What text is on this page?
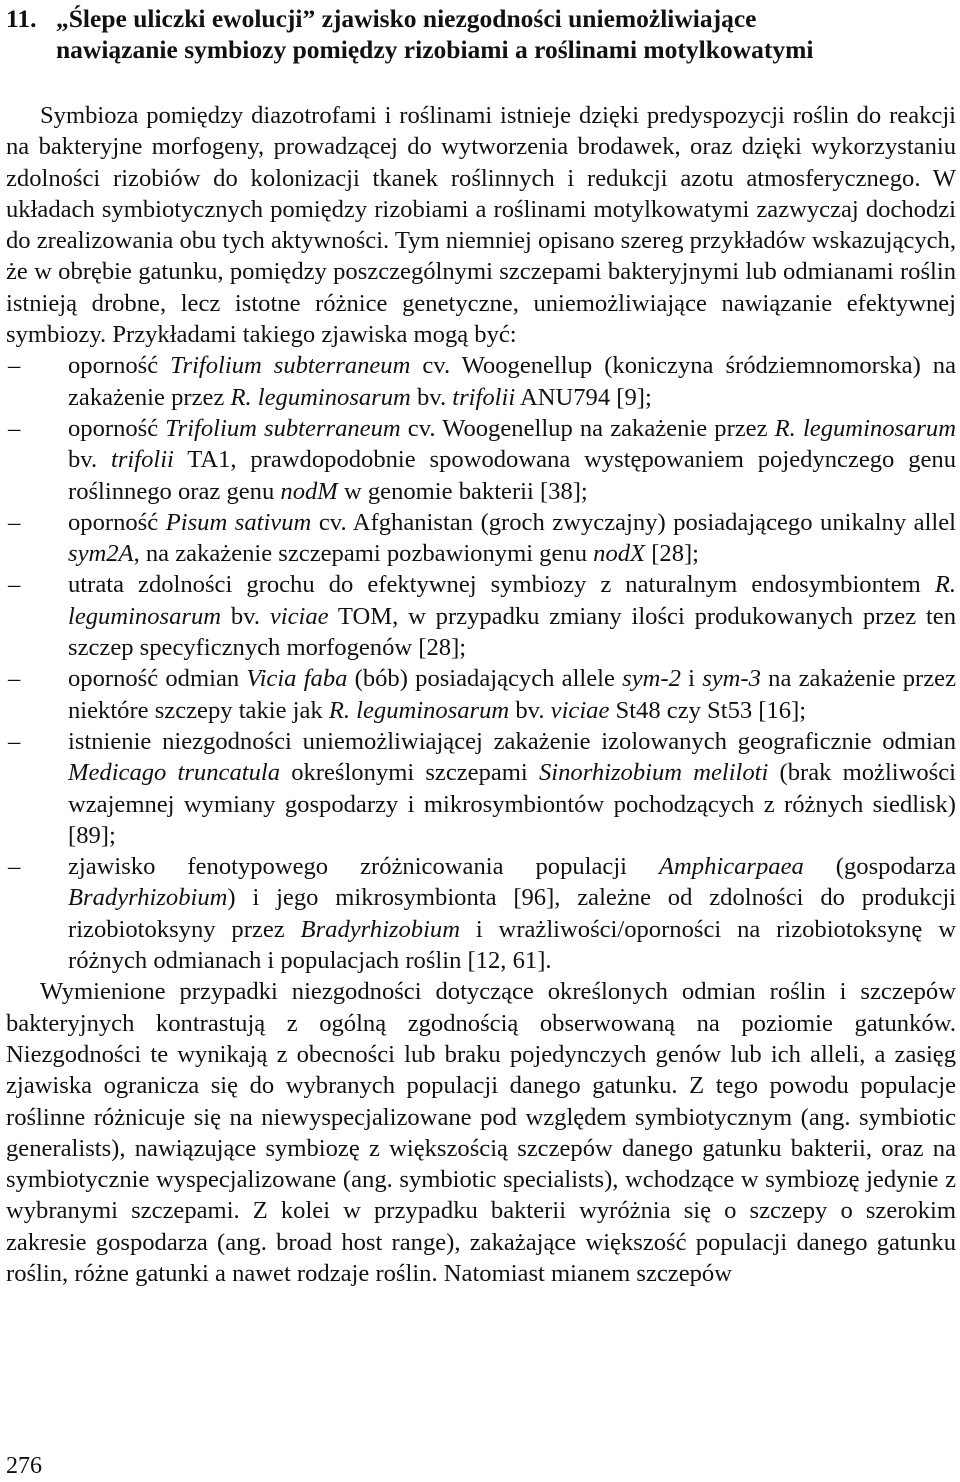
11. „Ślepe uliczki ewolucji” zjawisko niezgodności uniemożliwiające
nawiązanie symbiozy pomiędzy rizobiami a roślinami motylkowatymi

Symbioza pomiędzy diazotrofami i roślinami istnieje dzięki predyspozycji roślin do reakcji na bakteryjne morfogeny, prowadzącej do wytworzenia brodawek, oraz dzięki wykorzystaniu zdolności rizobiów do kolonizacji tkanek roślinnych i redukcji azotu atmosferycznego. W układach symbiotycznych pomiędzy rizobiami a roślinami motylkowatymi zazwyczaj dochodzi do zrealizowania obu tych aktywności. Tym niemniej opisano szereg przykładów wskazujących, że w obrębie gatunku, pomiędzy poszczególnymi szczepami bakteryjnymi lub odmianami roślin istnieją drobne, lecz istotne różnice genetyczne, uniemożliwiające nawiązanie efektywnej symbiozy. Przykładami takiego zjawiska mogą być:

–	oporność Trifolium subterraneum cv. Woogenellup (koniczyna śródziemnomorska) na zakażenie przez R. leguminosarum bv. trifolii ANU794 [9];
–	oporność Trifolium subterraneum cv. Woogenellup na zakażenie przez R. leguminosarum bv. trifolii TA1, prawdopodobnie spowodowana występowaniem pojedynczego genu roślinnego oraz genu nodM w genomie bakterii [38];
–	oporność Pisum sativum cv. Afghanistan (groch zwyczajny) posiadającego unikalny allel sym2A, na zakażenie szczepami pozbawionymi genu nodX [28];
–	utrata zdolności grochu do efektywnej symbiozy z naturalnym endosymbiontem R. leguminosarum bv. viciae TOM, w przypadku zmiany ilości produkowanych przez ten szczep specyficznych morfogenów [28];
–	oporność odmian Vicia faba (bób) posiadających allele sym-2 i sym-3 na zakażenie przez niektóre szczepy takie jak R. leguminosarum bv. viciae St48 czy St53 [16];
–	istnienie niezgodności uniemożliwiającej zakażenie izolowanych geograficznie odmian Medicago truncatula określonymi szczepami Sinorhizobium meliloti (brak możliwości wzajemnej wymiany gospodarzy i mikrosymbiontów pochodzących z różnych siedlisk) [89];
–	zjawisko fenotypowego zróżnicowania populacji Amphicarpaea (gospodarza Bradyrhizobium) i jego mikrosymbionta [96], zależne od zdolności do produkcji rizobiotoksyny przez Bradyrhizobium i wrażliwości/oporności na rizobiotoksynę w różnych odmianach i populacjach roślin [12, 61].

Wymienione przypadki niezgodności dotyczące określonych odmian roślin i szczepów bakteryjnych kontrastują z ogólną zgodnością obserwowaną na poziomie gatunków. Niezgodności te wynikają z obecności lub braku pojedynczych genów lub ich alleli, a zasięg zjawiska ogranicza się do wybranych populacji danego gatunku. Z tego powodu populacje roślinne różnicuje się na niewyspecjalizowane pod względem symbiotycznym (ang. symbiotic generalists), nawiązujące symbiozę z większością szczepów danego gatunku bakterii, oraz na symbiotycznie wyspecjalizowane (ang. symbiotic specialists), wchodzące w symbiozę jedynie z wybranymi szczepami. Z kolei w przypadku bakterii wyróżnia się o szczepy o szerokim zakresie gospodarza (ang. broad host range), zakażające większość populacji danego gatunku roślin, różne gatunki a nawet rodzaje roślin. Natomiast mianem szczepów

276
